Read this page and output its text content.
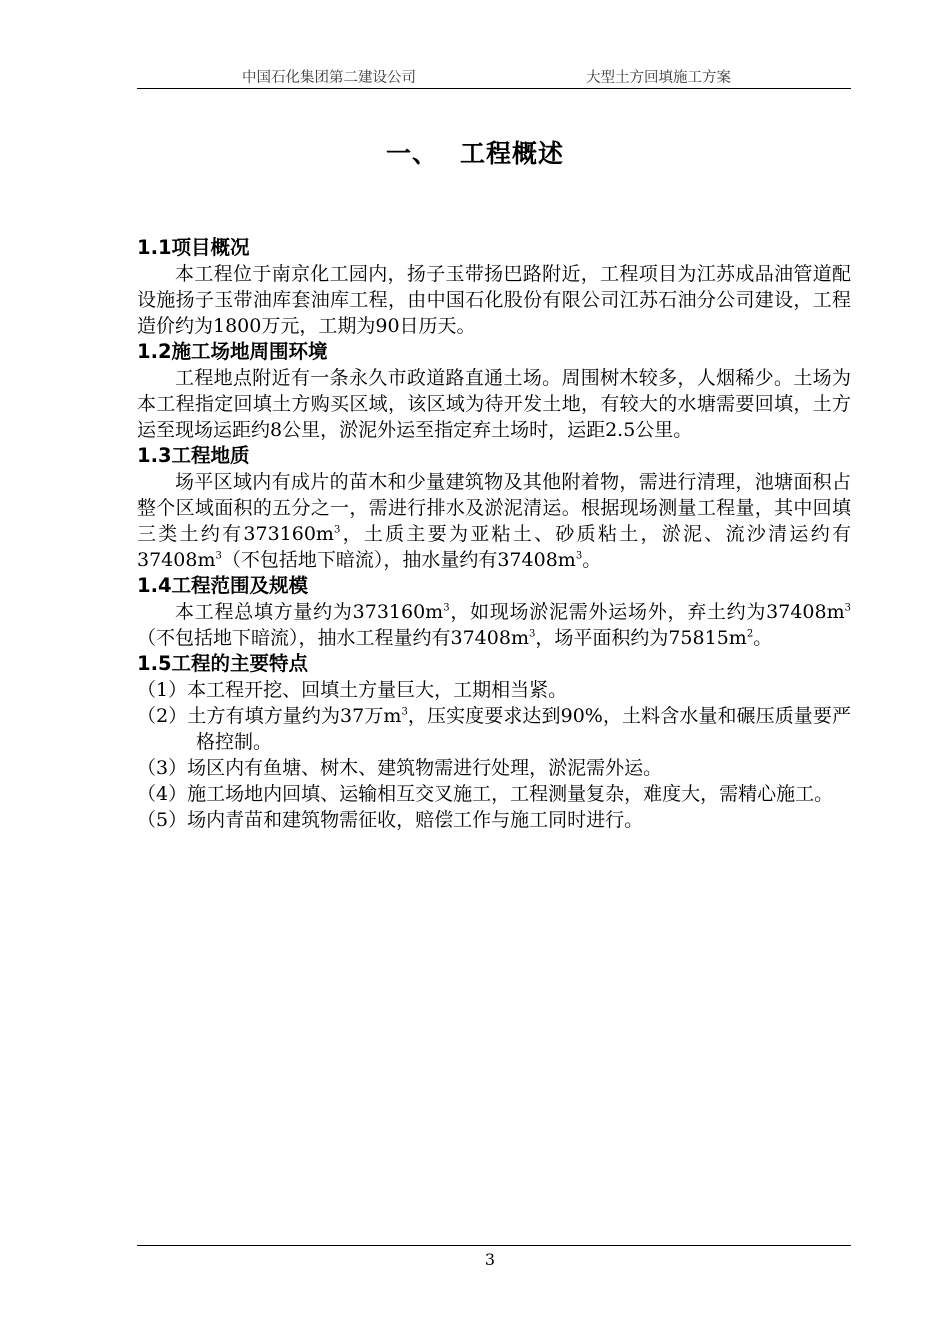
中国石化集团第二建设公司	大型土方回填施工方案
一、 工程概述
1.1项目概况
本工程位于南京化工园内，扬子玉带扬巴路附近，工程项目为江苏成品油管道配设施扬子玉带油库套油库工程，由中国石化股份有限公司江苏石油分公司建设，工程造价约为1800万元，工期为90日历天。
1.2施工场地周围环境
工程地点附近有一条永久市政道路直通土场。周围树木较多，人烟稀少。土场为本工程指定回填土方购买区域，该区域为待开发土地，有较大的水塘需要回填，土方运至现场运距约8公里，淤泥外运至指定弃土场时，运距2.5公里。
1.3工程地质
场平区域内有成片的苗木和少量建筑物及其他附着物，需进行清理，池塘面积占整个区域面积的五分之一，需进行排水及淤泥清运。根据现场测量工程量，其中回填三类土约有$373160m^3$，土质主要为亚粘土、砂质粘土，淤泥、流沙清运约有$37408m^3$（不包括地下暗流），抽水量约有$37408m^3$。
1.4工程范围及规模
本工程总填方量约为$373160m^3$，如现场淤泥需外运场外，弃土约为$37408m^3$（不包括地下暗流），抽水工程量约有$37408m^3$，场平面积约为$75815m^2$。
1.5工程的主要特点
（1）本工程开挖、回填土方量巨大，工期相当紧。
（2）土方有填方量约为37万$m^3$，压实度要求达到90%，土料含水量和碾压质量要严格控制。
（3）场区内有鱼塘、树木、建筑物需进行处理，淤泥需外运。
（4）施工场地内回填、运输相互交叉施工，工程测量复杂，难度大，需精心施工。
（5）场内青苗和建筑物需征收，赔偿工作与施工同时进行。
3
